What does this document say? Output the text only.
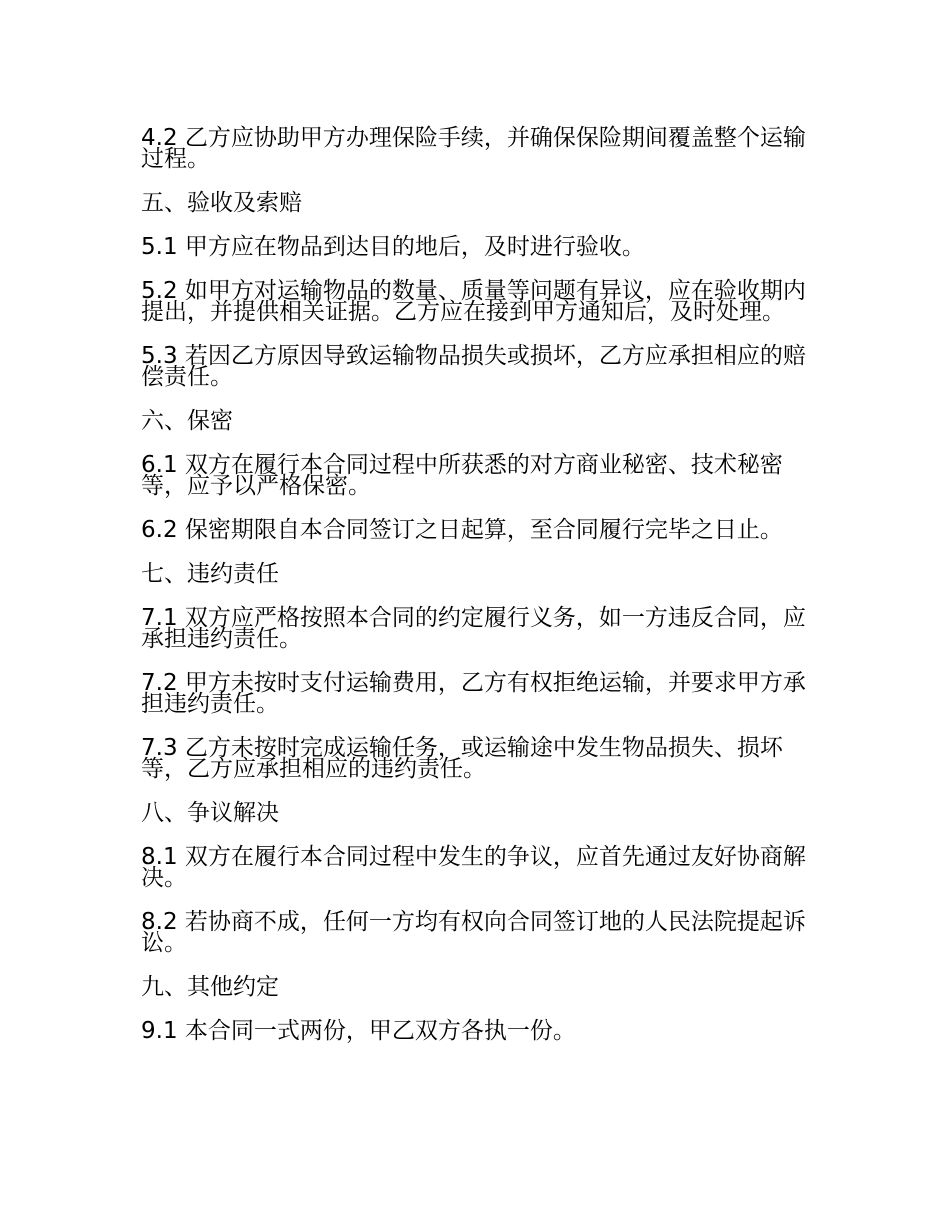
4.2 乙方应协助甲方办理保险手续，并确保保险期间覆盖整个运输过程。

五、验收及索赔

5.1 甲方应在物品到达目的地后，及时进行验收。

5.2 如甲方对运输物品的数量、质量等问题有异议，应在验收期内提出，并提供相关证据。乙方应在接到甲方通知后，及时处理。

5.3 若因乙方原因导致运输物品损失或损坏，乙方应承担相应的赔偿责任。

六、保密

6.1 双方在履行本合同过程中所获悉的对方商业秘密、技术秘密等，应予以严格保密。

6.2 保密期限自本合同签订之日起算，至合同履行完毕之日止。

七、违约责任

7.1 双方应严格按照本合同的约定履行义务，如一方违反合同，应承担违约责任。

7.2 甲方未按时支付运输费用，乙方有权拒绝运输，并要求甲方承担违约责任。

7.3 乙方未按时完成运输任务，或运输途中发生物品损失、损坏等，乙方应承担相应的违约责任。

八、争议解决

8.1 双方在履行本合同过程中发生的争议，应首先通过友好协商解决。

8.2 若协商不成，任何一方均有权向合同签订地的人民法院提起诉讼。

九、其他约定

9.1 本合同一式两份，甲乙双方各执一份。
